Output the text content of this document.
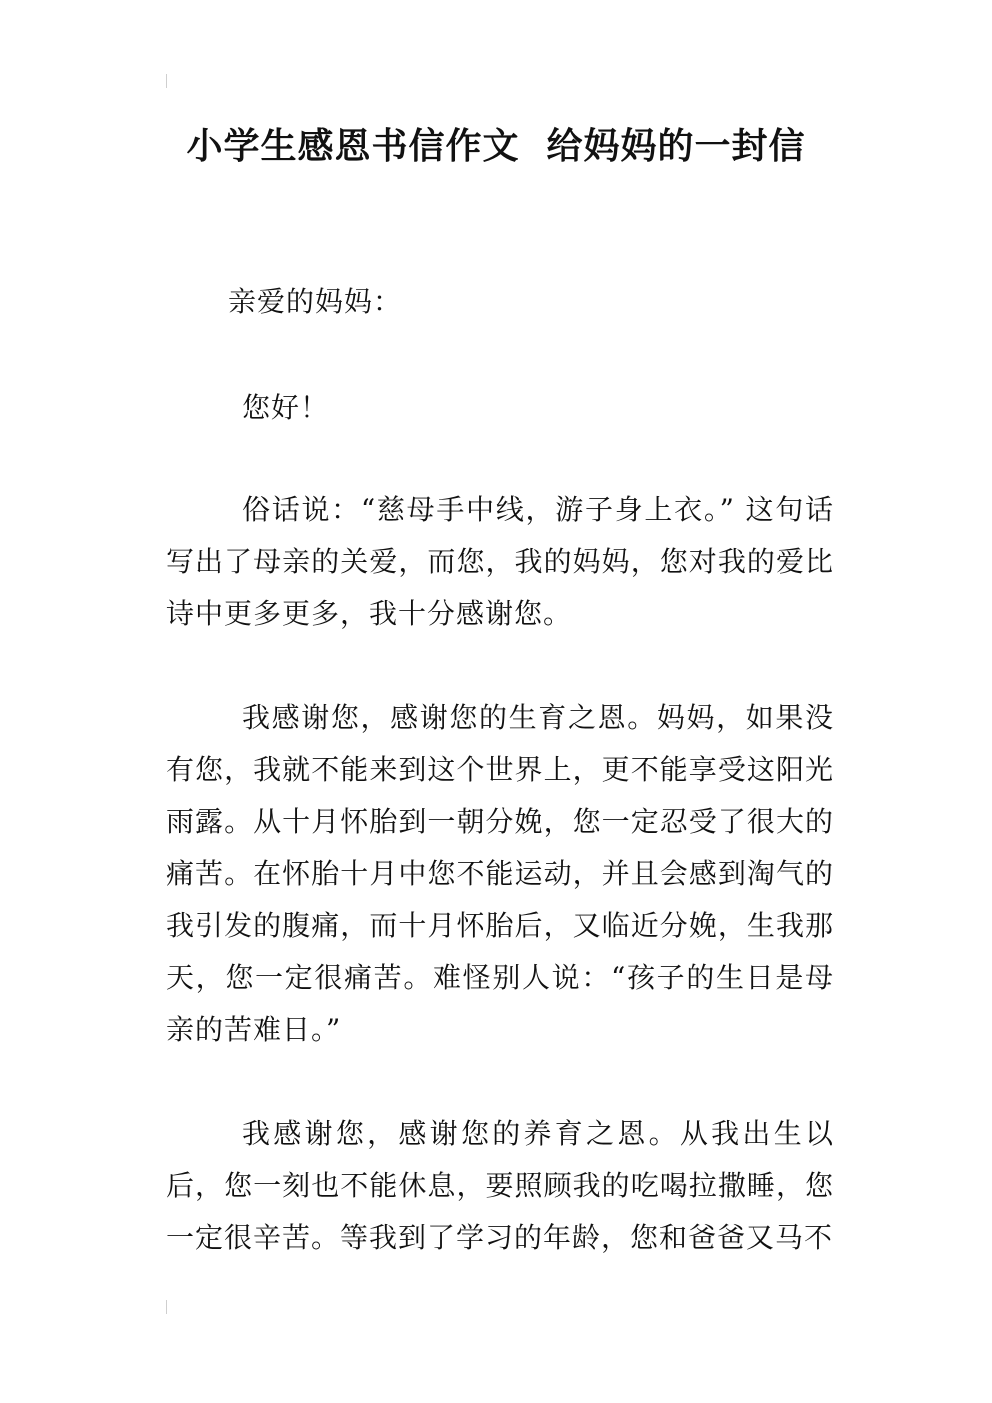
小学生感恩书信作文  给妈妈的一封信
亲爱的妈妈：
您好！

俗话说：“慈母手中线，游子身上衣。” 这句话写出了母亲的关爱，而您，我的妈妈，您对我的爱比诗中更多更多，我十分感谢您。

我感谢您，感谢您的生育之恩。妈妈，如果没有您，我就不能来到这个世界上，更不能享受这阳光雨露。从十月怀胎到一朝分娩，您一定忍受了很大的痛苦。在怀胎十月中您不能运动，并且会感到淘气的我引发的腹痛，而十月怀胎后，又临近分娩，生我那天，您一定很痛苦。难怪别人说：“孩子的生日是母亲的苦难日。”

我感谢您，感谢您的养育之恩。从我出生以后，您一刻也不能休息，要照顾我的吃喝拉撒睡，您一定很辛苦。等我到了学习的年龄，您和爸爸又马不
